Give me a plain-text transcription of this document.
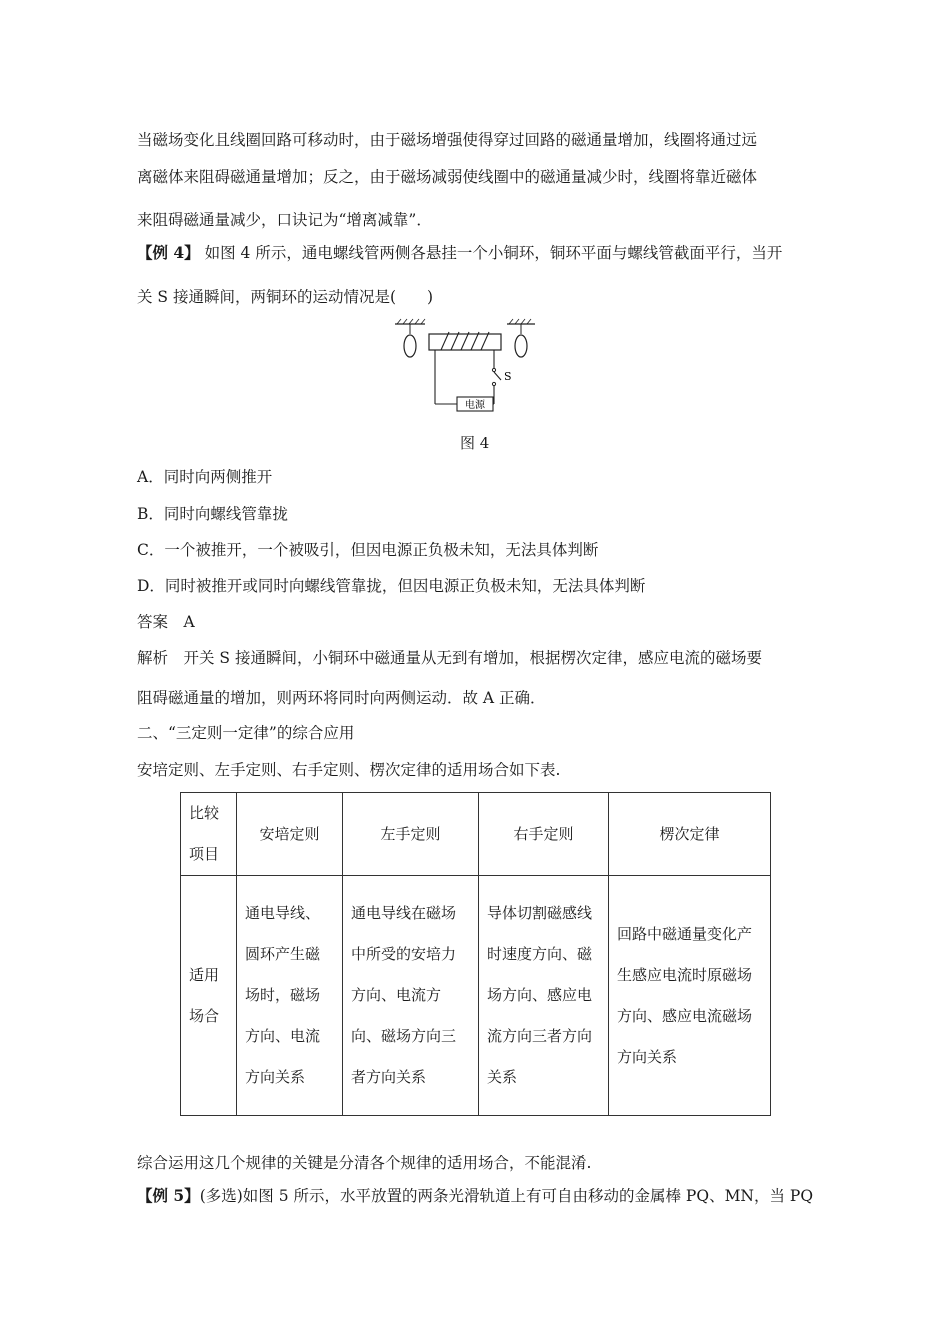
当磁场变化且线圈回路可移动时，由于磁场增强使得穿过回路的磁通量增加，线圈将通过远
离磁体来阻碍磁通量增加；反之，由于磁场减弱使线圈中的磁通量减少时，线圈将靠近磁体
来阻碍磁通量减少，口诀记为“增离减靠”．
【例 4】 如图 4 所示，通电螺线管两侧各悬挂一个小铜环，铜环平面与螺线管截面平行，当开
关 S 接通瞬间，两铜环的运动情况是(　　)
S
电源
图 4
A．同时向两侧推开
B．同时向螺线管靠拢
C．一个被推开，一个被吸引，但因电源正负极未知，无法具体判断
D．同时被推开或同时向螺线管靠拢，但因电源正负极未知，无法具体判断
答案　A
解析　开关 S 接通瞬间，小铜环中磁通量从无到有增加，根据楞次定律，感应电流的磁场要
阻碍磁通量的增加，则两环将同时向两侧运动．故 A 正确．
二、“三定则一定律”的综合应用
安培定则、左手定则、右手定则、楞次定律的适用场合如下表.
比较项目	安培定则	左手定则	右手定则	楞次定律
适用场合	通电导线、圆环产生磁场时，磁场方向、电流方向关系	通电导线在磁场中所受的安培力方向、电流方向、磁场方向三者方向关系	导体切割磁感线时速度方向、磁场方向、感应电流方向三者方向关系	回路中磁通量变化产生感应电流时原磁场方向、感应电流磁场方向关系
综合运用这几个规律的关键是分清各个规律的适用场合，不能混淆.
【例 5】(多选)如图 5 所示，水平放置的两条光滑轨道上有可自由移动的金属棒 PQ、MN，当 PQ
